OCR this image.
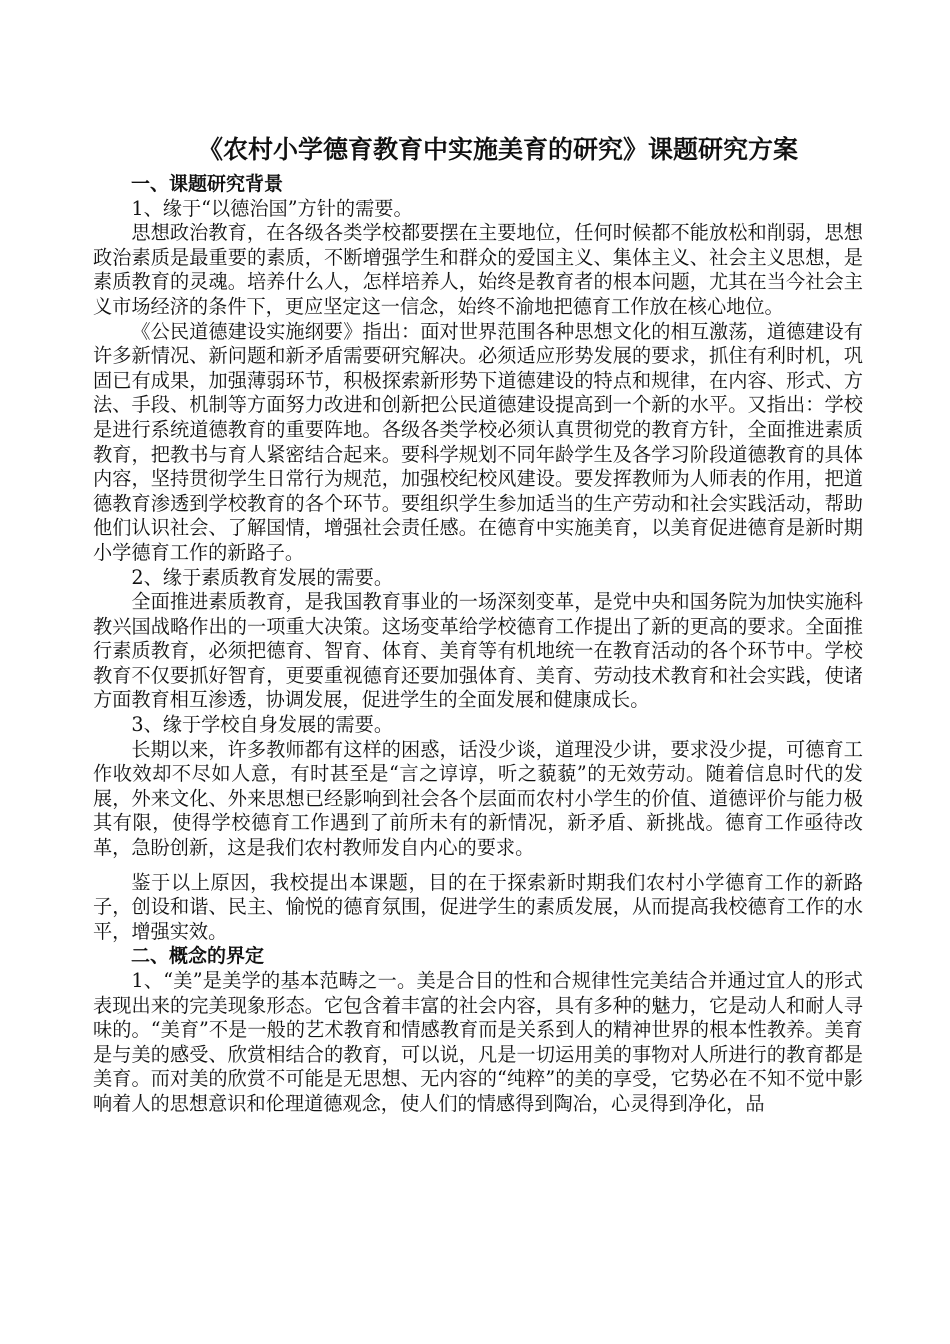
《农村小学德育教育中实施美育的研究》课题研究方案

一、课题研究背景

1、缘于“以德治国”方针的需要。

思想政治教育，在各级各类学校都要摆在主要地位，任何时候都不能放松和削弱，思想政治素质是最重要的素质，不断增强学生和群众的爱国主义、集体主义、社会主义思想，是素质教育的灵魂。培养什么人，怎样培养人，始终是教育者的根本问题，尤其在当今社会主义市场经济的条件下，更应坚定这一信念，始终不渝地把德育工作放在核心地位。

《公民道德建设实施纲要》指出：面对世界范围各种思想文化的相互激荡，道德建设有许多新情况、新问题和新矛盾需要研究解决。必须适应形势发展的要求，抓住有利时机，巩固已有成果，加强薄弱环节，积极探索新形势下道德建设的特点和规律，在内容、形式、方法、手段、机制等方面努力改进和创新把公民道德建设提高到一个新的水平。又指出：学校是进行系统道德教育的重要阵地。各级各类学校必须认真贯彻党的教育方针，全面推进素质教育，把教书与育人紧密结合起来。要科学规划不同年龄学生及各学习阶段道德教育的具体内容，坚持贯彻学生日常行为规范，加强校纪校风建设。要发挥教师为人师表的作用，把道德教育渗透到学校教育的各个环节。要组织学生参加适当的生产劳动和社会实践活动，帮助他们认识社会、了解国情，增强社会责任感。在德育中实施美育，以美育促进德育是新时期小学德育工作的新路子。

2、缘于素质教育发展的需要。

全面推进素质教育，是我国教育事业的一场深刻变革，是党中央和国务院为加快实施科教兴国战略作出的一项重大决策。这场变革给学校德育工作提出了新的更高的要求。全面推行素质教育，必须把德育、智育、体育、美育等有机地统一在教育活动的各个环节中。学校教育不仅要抓好智育，更要重视德育还要加强体育、美育、劳动技术教育和社会实践，使诸方面教育相互渗透，协调发展，促进学生的全面发展和健康成长。

3、缘于学校自身发展的需要。

长期以来，许多教师都有这样的困惑，话没少谈，道理没少讲，要求没少提，可德育工作收效却不尽如人意，有时甚至是“言之谆谆，听之藐藐”的无效劳动。随着信息时代的发展，外来文化、外来思想已经影响到社会各个层面而农村小学生的价值、道德评价与能力极其有限，使得学校德育工作遇到了前所未有的新情况，新矛盾、新挑战。德育工作亟待改革，急盼创新，这是我们农村教师发自内心的要求。

鉴于以上原因，我校提出本课题，目的在于探索新时期我们农村小学德育工作的新路子，创设和谐、民主、愉悦的德育氛围，促进学生的素质发展，从而提高我校德育工作的水平，增强实效。

二、概念的界定

1、“美”是美学的基本范畴之一。美是合目的性和合规律性完美结合并通过宜人的形式表现出来的完美现象形态。它包含着丰富的社会内容，具有多种的魅力，它是动人和耐人寻味的。“美育”不是一般的艺术教育和情感教育而是关系到人的精神世界的根本性教养。美育是与美的感受、欣赏相结合的教育，可以说，凡是一切运用美的事物对人所进行的教育都是美育。而对美的欣赏不可能是无思想、无内容的“纯粹”的美的享受，它势必在不知不觉中影响着人的思想意识和伦理道德观念，使人们的情感得到陶冶，心灵得到净化，品
